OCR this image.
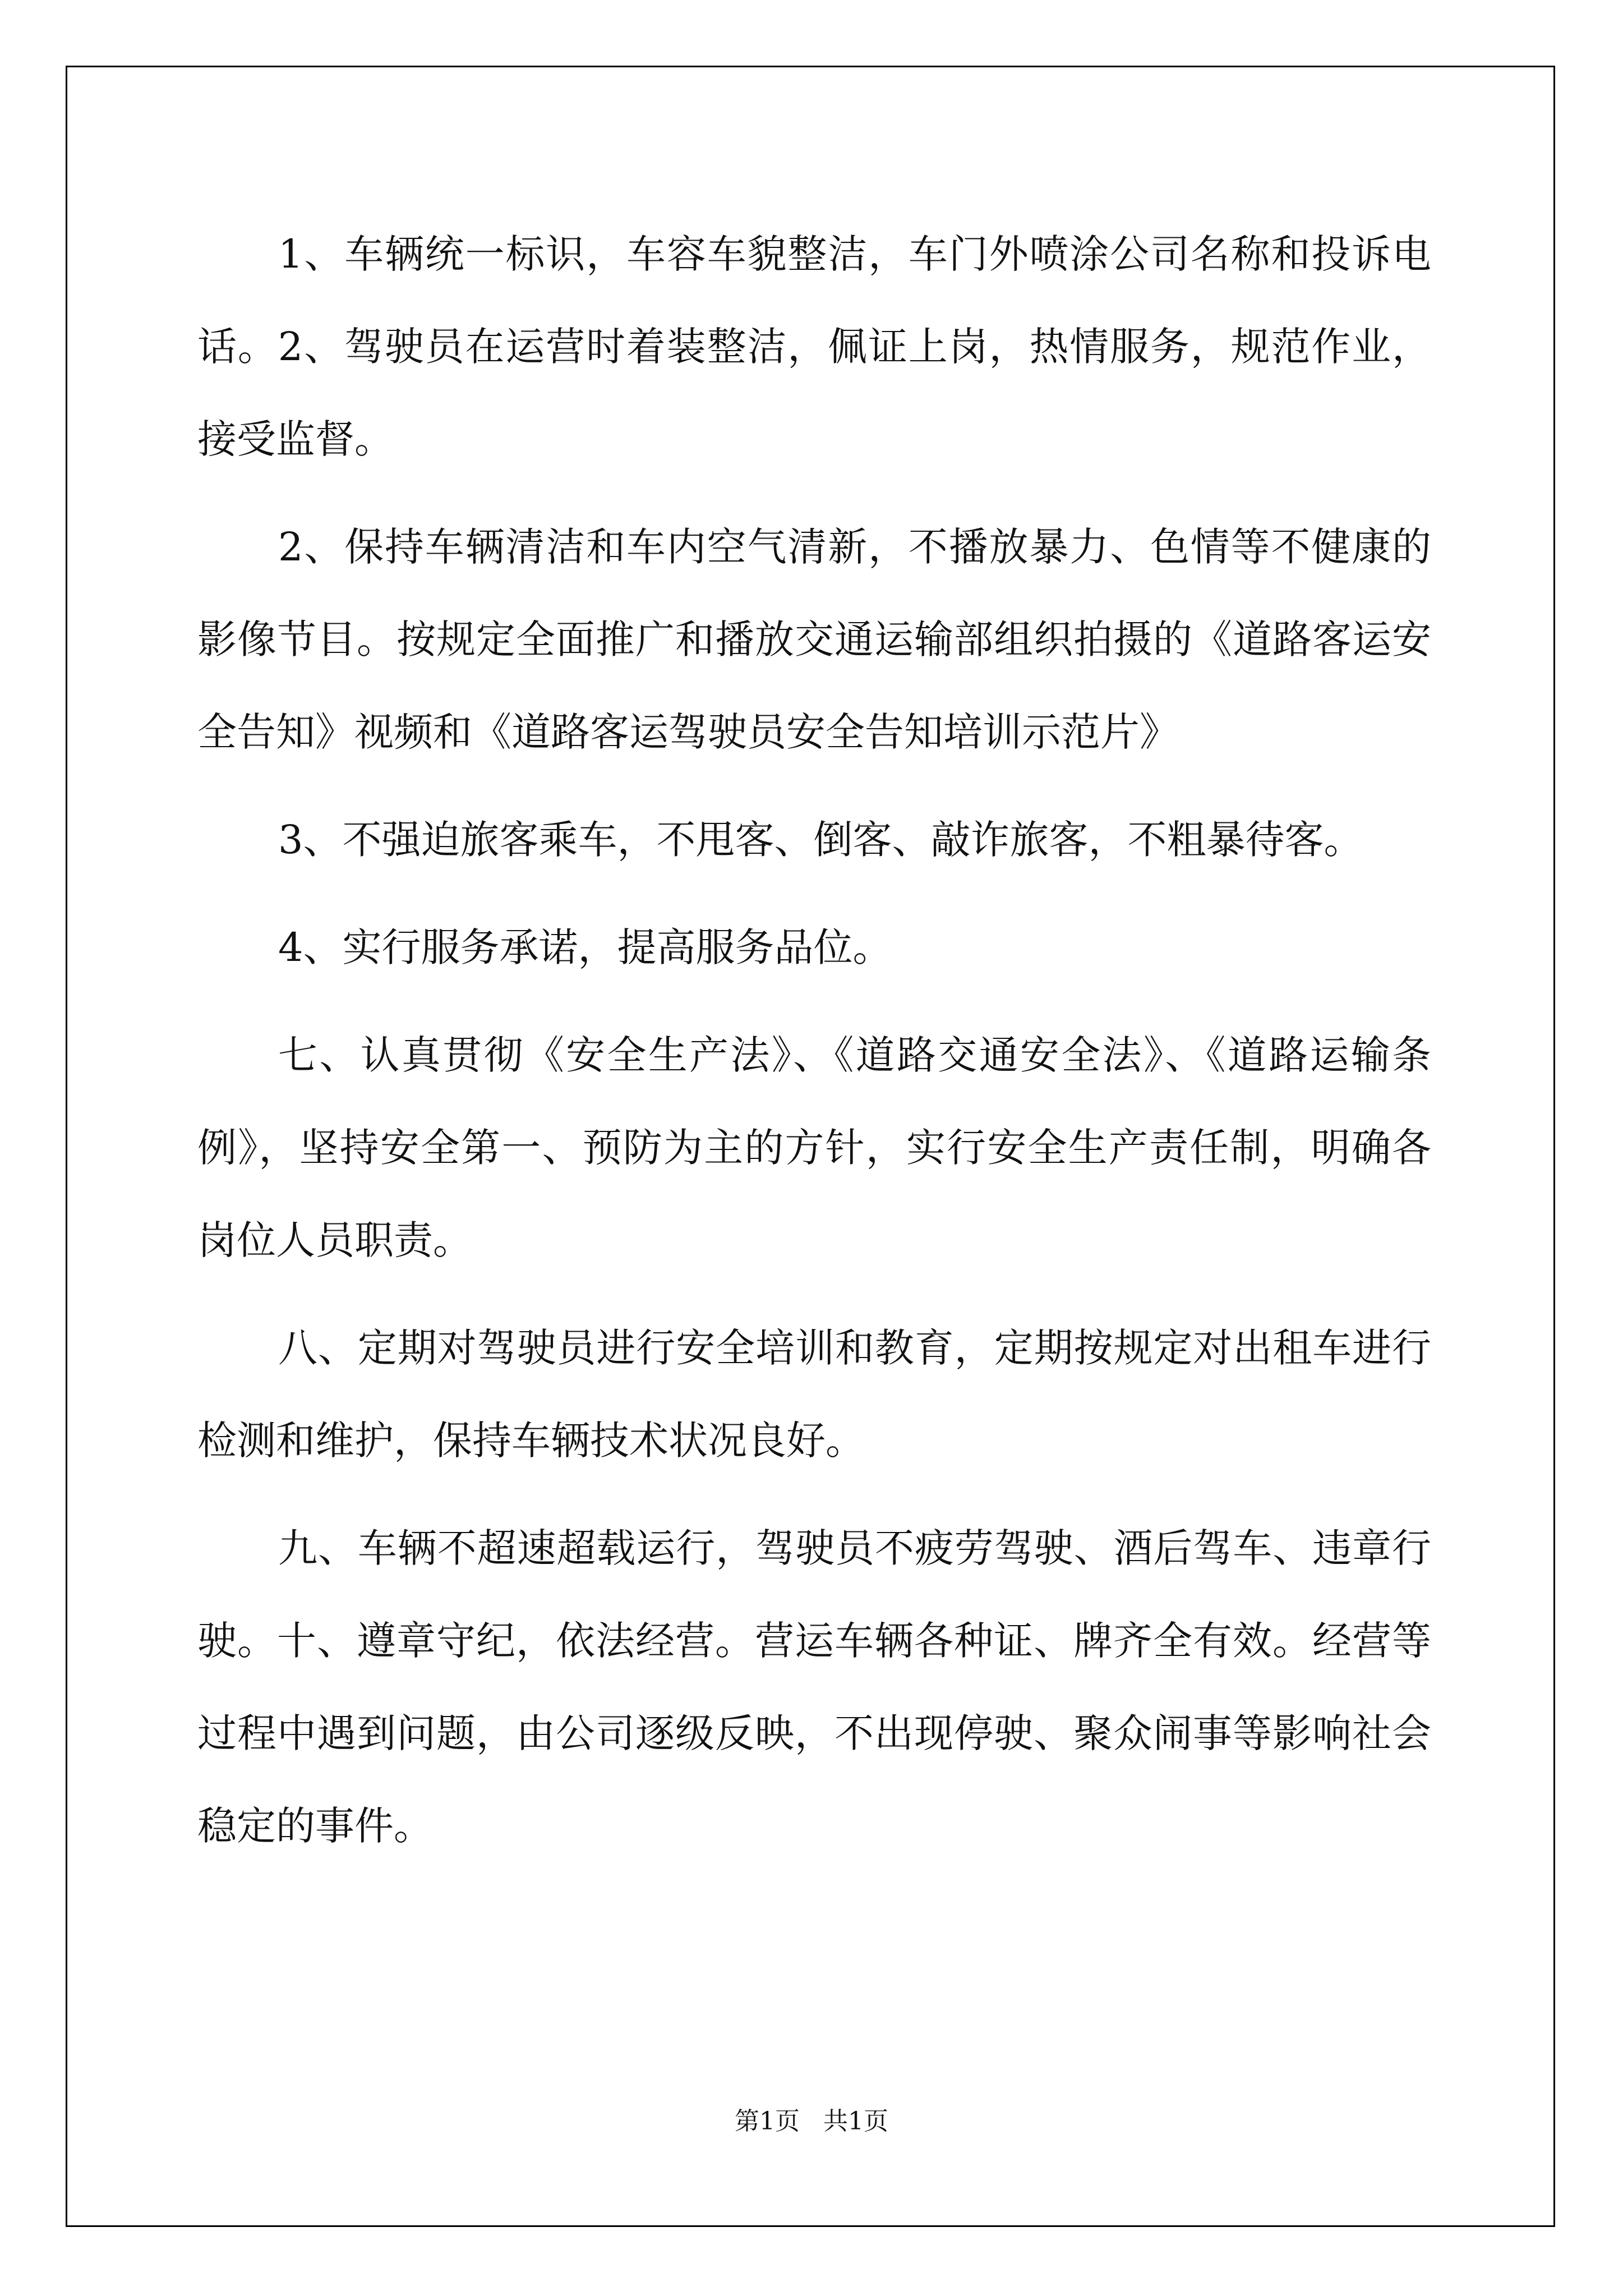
1、车辆统一标识，车容车貌整洁，车门外喷涂公司名称和投诉电话。2、驾驶员在运营时着装整洁，佩证上岗，热情服务，规范作业，接受监督。

2、保持车辆清洁和车内空气清新，不播放暴力、色情等不健康的影像节目。按规定全面推广和播放交通运输部组织拍摄的《道路客运安全告知》视频和《道路客运驾驶员安全告知培训示范片》

3、不强迫旅客乘车，不甩客、倒客、敲诈旅客，不粗暴待客。

4、实行服务承诺，提高服务品位。

七、认真贯彻《安全生产法》、《道路交通安全法》、《道路运输条例》，坚持安全第一、预防为主的方针，实行安全生产责任制，明确各岗位人员职责。

八、定期对驾驶员进行安全培训和教育，定期按规定对出租车进行检测和维护，保持车辆技术状况良好。

九、车辆不超速超载运行，驾驶员不疲劳驾驶、酒后驾车、违章行驶。十、遵章守纪，依法经营。营运车辆各种证、牌齐全有效。经营等过程中遇到问题，由公司逐级反映，不出现停驶、聚众闹事等影响社会稳定的事件。

第1页 共1页
